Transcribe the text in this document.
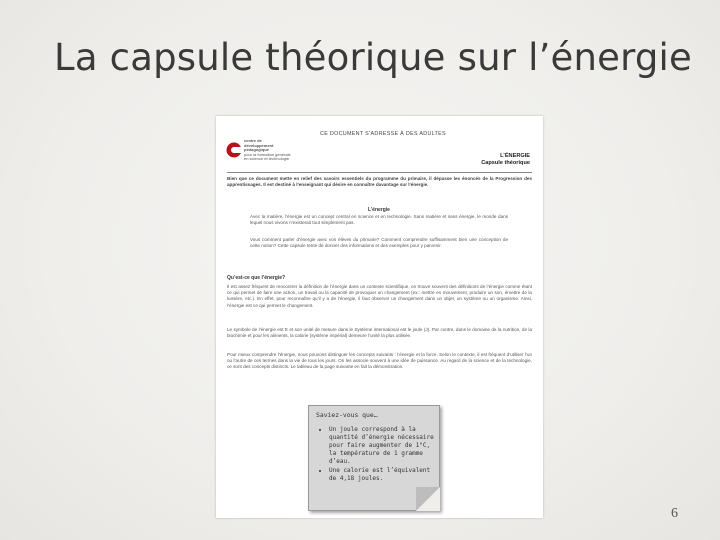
La capsule théorique sur l’énergie
CE DOCUMENT S’ADRESSE À DES ADULTES
centre de
développement
pédagogique
pour la formation générale
en science et technologie	L’ÉNERGIE
Capsule théorique
Bien que ce document mette en relief des savoirs essentiels du programme du primaire, il dépasse les énoncés de la Progression des apprentissages. Il est destiné à l’enseignant qui désire en connaître davantage sur l’énergie.
L’énergie
Avec la matière, l’énergie est un concept central en science et en technologie. Sans matière et sans énergie, le monde dans lequel nous vivons n’existerait tout simplement pas.
Vous comment parler d’énergie avec vos élèves du primaire? Comment comprendre suffisamment bien une conception de cette notion? Cette capsule tente de donner des informations et des exemples pour y parvenir.
Qu’est-ce que l’énergie?
Il est assez fréquent de rencontrer la définition de l’énergie dans un contexte scientifique, on trouve souvent des définitions de l’énergie comme étant ce qui permet de faire une action, un travail ou la capacité de provoquer un changement (ex.: mettre en mouvement, produire un son, émettre de la lumière, etc.). En effet, pour reconnaître qu’il y a de l’énergie, il faut observer un changement dans un objet, un système ou un organisme. Ainsi, l’énergie est ce qui permet le changement.
Le symbole de l’énergie est E et son unité de mesure dans le Système international est le joule (J). Par contre, dans le domaine de la nutrition, de la biochimie et pour les aliments, la calorie (système impérial) demeure l’unité la plus utilisée.
Pour mieux comprendre l’énergie, nous pouvons distinguer les concepts suivants : l’énergie et la force. Selon le contexte, il est fréquent d’utiliser l’un ou l’autre de ces termes dans la vie de tous les jours. On les associe souvent à une idée de puissance. Au regard de la science et de la technologie, ce sont des concepts distincts. Le tableau de la page suivante en fait la démonstration.
Saviez-vous que…
• Un joule correspond à la quantité d’énergie nécessaire pour faire augmenter de 1°C, la température de 1 gramme d’eau.
• Une calorie est l’équivalent de 4,18 joules.
6
